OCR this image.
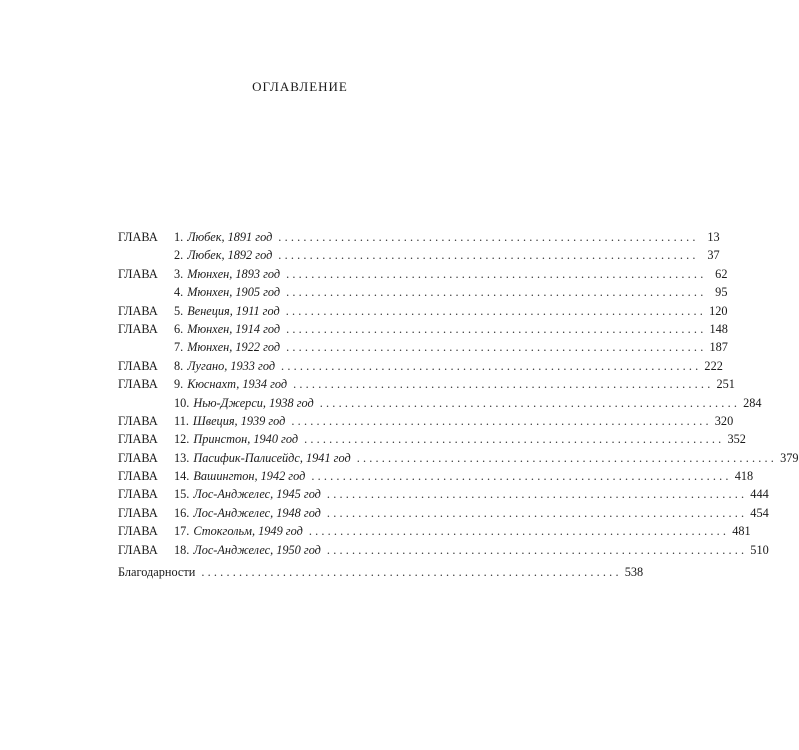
оглавление
ГЛАВА	1. Любек, 1891 год ................................................................... 13
2. Любек, 1892 год ................................................................... 37
ГЛАВА	3. Мюнхен, 1893 год ................................................................... 62
4. Мюнхен, 1905 год ................................................................... 95
ГЛАВА	5. Венеция, 1911 год ................................................................... 120
ГЛАВА	6. Мюнхен, 1914 год ................................................................... 148
7. Мюнхен, 1922 год ................................................................... 187
ГЛАВА	8. Лугано, 1933 год ................................................................... 222
ГЛАВА	9. Кюснахт, 1934 год ................................................................... 251
10. Нью-Джерси, 1938 год ................................................................... 284
ГЛАВА	11. Швеция, 1939 год ................................................................... 320
ГЛАВА	12. Принстон, 1940 год ................................................................... 352
ГЛАВА	13. Пасифик-Палисейдс, 1941 год ................................................................... 379
ГЛАВА	14. Вашингтон, 1942 год ................................................................... 418
ГЛАВА	15. Лос-Анджелес, 1945 год ................................................................... 444
ГЛАВА	16. Лос-Анджелес, 1948 год ................................................................... 454
ГЛАВА	17. Стокгольм, 1949 год ................................................................... 481
ГЛАВА	18. Лос-Анджелес, 1950 год ................................................................... 510
Благодарности ................................................................... 538
